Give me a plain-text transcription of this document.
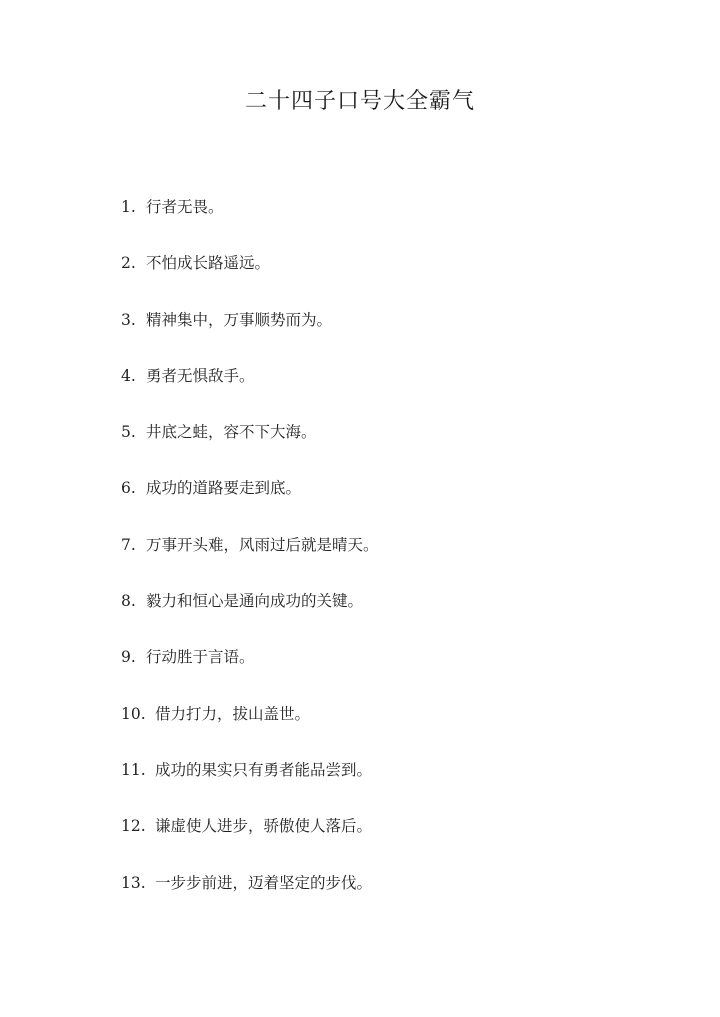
二十四子口号大全霸气
1. 行者无畏。
2. 不怕成长路遥远。
3. 精神集中，万事顺势而为。
4. 勇者无惧敌手。
5. 井底之蛙，容不下大海。
6. 成功的道路要走到底。
7. 万事开头难，风雨过后就是晴天。
8. 毅力和恒心是通向成功的关键。
9. 行动胜于言语。
10. 借力打力，拔山盖世。
11. 成功的果实只有勇者能品尝到。
12. 谦虚使人进步，骄傲使人落后。
13. 一步步前进，迈着坚定的步伐。
